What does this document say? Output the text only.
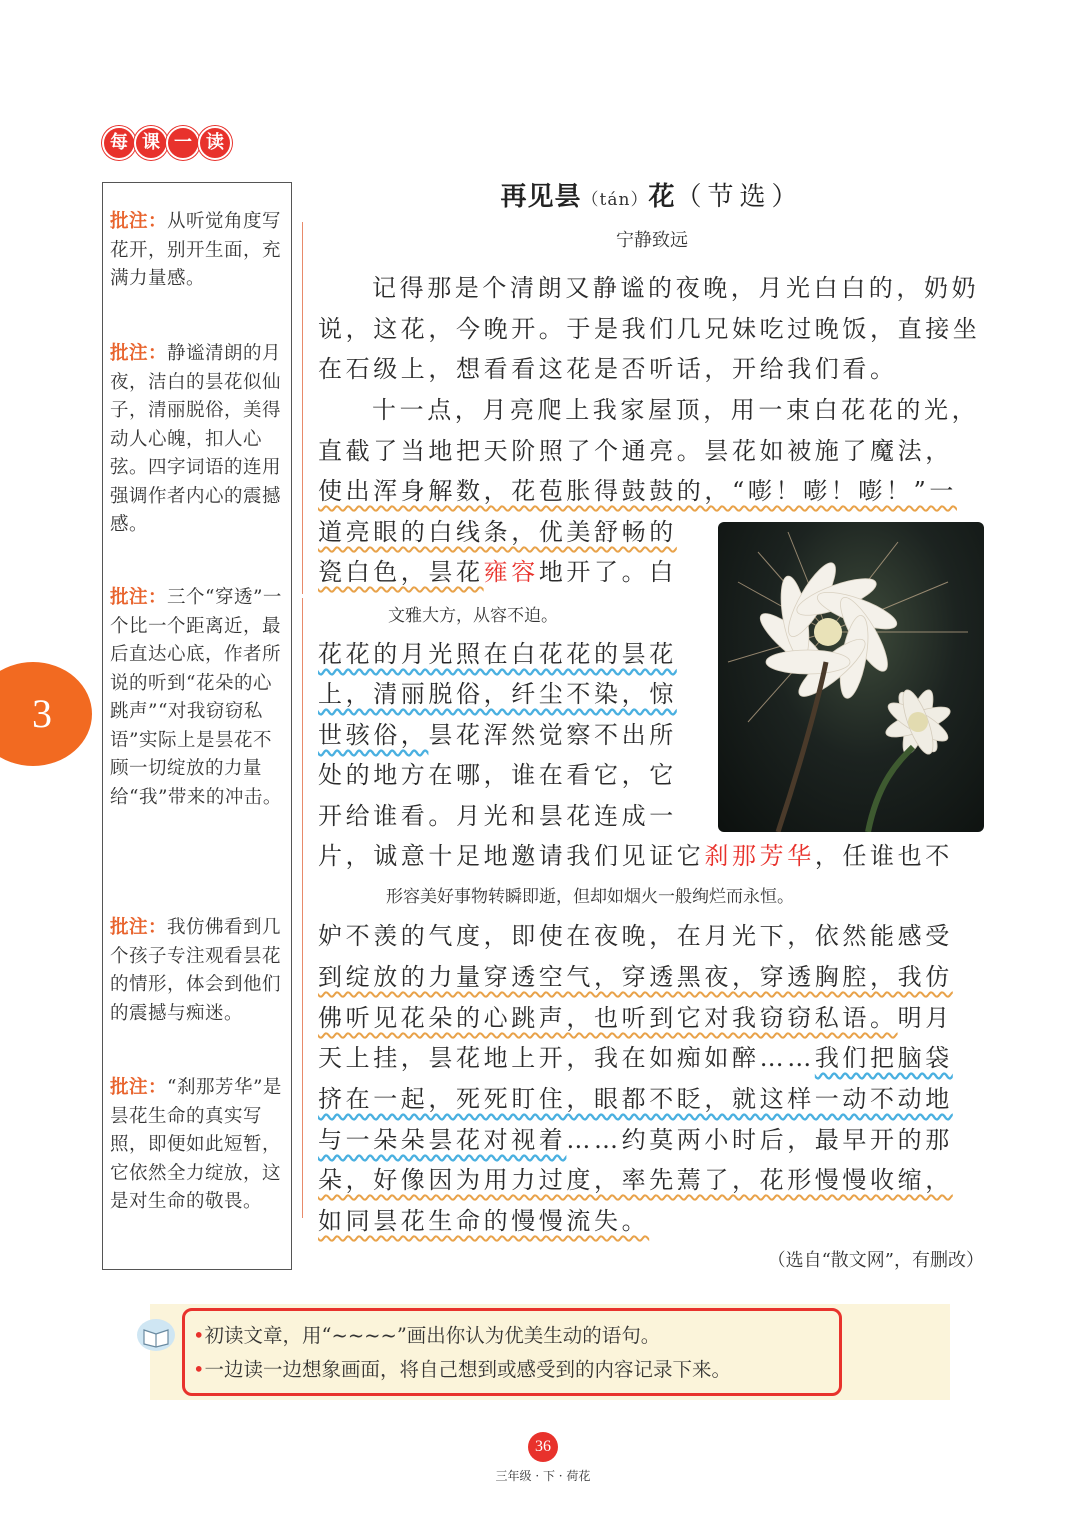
每 课 一 读
3
批注：从听觉角度写花开，别开生面，充满力量感。
批注：静谧清朗的月夜，洁白的昙花似仙子，清丽脱俗，美得动人心魄，扣人心弦。四字词语的连用强调作者内心的震撼感。
批注：三个“穿透”一个比一个距离近，最后直达心底，作者所说的听到“花朵的心跳声”“对我窃窃私语”实际上是昙花不顾一切绽放的力量给“我”带来的冲击。
批注：我仿佛看到几个孩子专注观看昙花的情形，体会到他们的震撼与痴迷。
批注：“刹那芳华”是昙花生命的真实写照，即便如此短暂，它依然全力绽放，这是对生命的敬畏。
再见昙（tán）花（节选）
宁静致远
记得那是个清朗又静谧的夜晚，月光白白的，奶奶说，这花，今晚开。于是我们几兄妹吃过晚饭，直接坐在石级上，想看看这花是否听话，开给我们看。
十一点，月亮爬上我家屋顶，用一束白花花的光，直截了当地把天阶照了个通亮。昙花如被施了魔法，
使出浑身解数，花苞胀得鼓鼓的，“嘭！嘭！嘭！”一
道亮眼的白线条，优美舒畅的
瓷白色，昙花雍容地开了。白
文雅大方，从容不迫。
花花的月光照在白花花的昙花
上，清丽脱俗，纤尘不染，惊
世骇俗，昙花浑然觉察不出所
处的地方在哪，谁在看它，它
开给谁看。月光和昙花连成一
片，诚意十足地邀请我们见证它刹那芳华，任谁也不
形容美好事物转瞬即逝，但却如烟火一般绚烂而永恒。
妒不羡的气度，即使在夜晚，在月光下，依然能感受
到绽放的力量穿透空气，穿透黑夜，穿透胸腔，我仿
佛听见花朵的心跳声，也听到它对我窃窃私语。明月
天上挂，昙花地上开，我在如痴如醉……我们把脑袋
挤在一起，死死盯住，眼都不眨，就这样一动不动地
与一朵朵昙花对视着……约莫两小时后，最早开的那
朵，好像因为用力过度，率先蔫了，花形慢慢收缩，
如同昙花生命的慢慢流失。
（选自“散文网”，有删改）
•初读文章，用“~~~~”画出你认为优美生动的语句。
•一边读一边想象画面，将自己想到或感受到的内容记录下来。
36
三年级 · 下 · 荷花
